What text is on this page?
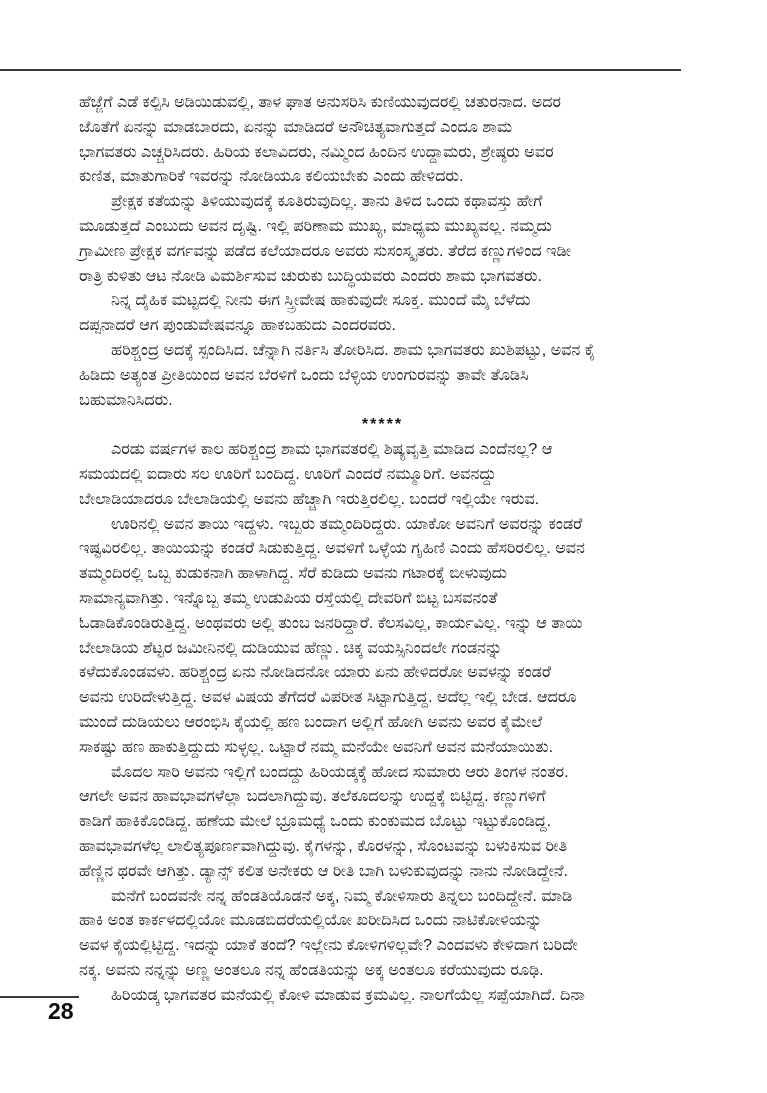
ಹೆಜ್ಜೆಗೆ ಎಡೆ ಕಲ್ಪಿಸಿ ಅಡಿಯಿಡುವಲ್ಲಿ, ತಾಳ ಘಾತ ಅನುಸರಿಸಿ ಕುಣಿಯುವುದರಲ್ಲಿ ಚತುರನಾದ. ಅದರ
ಜೊತೆಗೆ ಏನನ್ನು ಮಾಡಬಾರದು, ಏನನ್ನು ಮಾಡಿದರೆ ಅನೌಚಿತ್ಯವಾಗುತ್ತದೆ ಎಂದೂ ಶಾಮ
ಭಾಗವತರು ಎಚ್ಚರಿಸಿದರು. ಹಿರಿಯ ಕಲಾವಿದರು, ನಮ್ಮಿಂದ ಹಿಂದಿನ ಉದ್ದಾಮರು, ಶ್ರೇಷ್ಠರು ಅವರ
ಕುಣಿತ, ಮಾತುಗಾರಿಕೆ ಇವರನ್ನು ನೋಡಿಯೂ ಕಲಿಯಬೇಕು ಎಂದು ಹೇಳಿದರು.
ಪ್ರೇಕ್ಷಕ ಕತೆಯನ್ನು ತಿಳಿಯುವುದಕ್ಕೆ ಕೂತಿರುವುದಿಲ್ಲ. ತಾನು ತಿಳಿದ ಒಂದು ಕಥಾವಸ್ತು ಹೇಗೆ
ಮೂಡುತ್ತದೆ ಎಂಬುದು ಅವನ ದೃಷ್ಟಿ. ಇಲ್ಲಿ ಪರಿಣಾಮ ಮುಖ್ಯ, ಮಾಧ್ಯಮ ಮುಖ್ಯವಲ್ಲ. ನಮ್ಮದು
ಗ್ರಾಮೀಣ ಪ್ರೇಕ್ಷಕ ವರ್ಗವನ್ನು ಪಡೆದ ಕಲೆಯಾದರೂ ಅವರು ಸುಸಂಸ್ಕೃತರು. ತೆರೆದ ಕಣ್ಣುಗಳಿಂದ ಇಡೀ
ರಾತ್ರಿ ಕುಳಿತು ಆಟ ನೋಡಿ ವಿಮರ್ಶಿಸುವ ಚುರುಕು ಬುದ್ಧಿಯವರು ಎಂದರು ಶಾಮ ಭಾಗವತರು.
ನಿನ್ನ ದೈಹಿಕ ಮಟ್ಟದಲ್ಲಿ ನೀನು ಈಗ ಸ್ತ್ರೀವೇಷ ಹಾಕುವುದೇ ಸೂಕ್ತ. ಮುಂದೆ ಮೈ ಬೆಳೆದು
ದಪ್ಪನಾದರೆ ಆಗ ಪುಂಡುವೇಷವನ್ನೂ ಹಾಕಬಹುದು ಎಂದರವರು.
ಹರಿಶ್ಚಂದ್ರ ಅದಕ್ಕೆ ಸ್ಪಂದಿಸಿದ. ಚೆನ್ನಾಗಿ ನರ್ತಿಸಿ ತೋರಿಸಿದ. ಶಾಮ ಭಾಗವತರು ಖುಶಿಪಟ್ಟು, ಅವನ ಕೈ
ಹಿಡಿದು ಅತ್ಯಂತ ಪ್ರೀತಿಯಿಂದ ಅವನ ಬೆರಳಿಗೆ ಒಂದು ಬೆಳ್ಳಿಯ ಉಂಗುರವನ್ನು ತಾವೇ ತೊಡಿಸಿ
ಬಹುಮಾನಿಸಿದರು.
*****
ಎರಡು ವರ್ಷಗಳ ಕಾಲ ಹರಿಶ್ಚಂದ್ರ ಶಾಮ ಭಾಗವತರಲ್ಲಿ ಶಿಷ್ಯವೃತ್ತಿ ಮಾಡಿದ ಎಂದೆನಲ್ಲ? ಆ
ಸಮಯದಲ್ಲಿ ಐದಾರು ಸಲ ಊರಿಗೆ ಬಂದಿದ್ದ. ಊರಿಗೆ ಎಂದರೆ ನಮ್ಮೂರಿಗೆ. ಅವನದ್ದು
ಬೇಲಾಡಿಯಾದರೂ ಬೇಲಾಡಿಯಲ್ಲಿ ಅವನು ಹೆಚ್ಚಾಗಿ ಇರುತ್ತಿರಲಿಲ್ಲ. ಬಂದರೆ ಇಲ್ಲಿಯೇ ಇರುವ.
ಊರಿನಲ್ಲಿ ಅವನ ತಾಯಿ ಇದ್ದಳು. ಇಬ್ಬರು ತಮ್ಮಂದಿರಿದ್ದರು. ಯಾಕೋ ಅವನಿಗೆ ಅವರನ್ನು ಕಂಡರೆ
ಇಷ್ಟವಿರಲಿಲ್ಲ. ತಾಯಿಯನ್ನು ಕಂಡರೆ ಸಿಡುಕುತ್ತಿದ್ದ. ಅವಳಿಗೆ ಒಳ್ಳೆಯ ಗೃಹಿಣಿ ಎಂದು ಹೆಸರಿರಲಿಲ್ಲ. ಅವನ
ತಮ್ಮಂದಿರಲ್ಲಿ ಒಬ್ಬ ಕುಡುಕನಾಗಿ ಹಾಳಾಗಿದ್ದ. ಸೆರೆ ಕುಡಿದು ಅವನು ಗಟಾರಕ್ಕೆ ಬೀಳುವುದು
ಸಾಮಾನ್ಯವಾಗಿತ್ತು. ಇನ್ನೊಬ್ಬ ತಮ್ಮ ಉಡುಪಿಯ ರಸ್ತೆಯಲ್ಲಿ ದೇವರಿಗೆ ಬಿಟ್ಟ ಬಸವನಂತೆ
ಓಡಾಡಿಕೊಂಡಿರುತ್ತಿದ್ದ. ಅಂಥವರು ಅಲ್ಲಿ ತುಂಬ ಜನರಿದ್ದಾರೆ. ಕೆಲಸವಿಲ್ಲ, ಕಾರ್ಯವಿಲ್ಲ. ಇನ್ನು ಆ ತಾಯಿ
ಬೇಲಾಡಿಯ ಶೆಟ್ಟರ ಜಮೀನಿನಲ್ಲಿ ದುಡಿಯುವ ಹೆಣ್ಣು. ಚಿಕ್ಕ ವಯಸ್ಸಿನಿಂದಲೇ ಗಂಡನನ್ನು
ಕಳೆದುಕೊಂಡವಳು. ಹರಿಶ್ಚಂದ್ರ ಏನು ನೋಡಿದನೋ ಯಾರು ಏನು ಹೇಳಿದರೋ ಅವಳನ್ನು ಕಂಡರೆ
ಅವನು ಉರಿದೇಳುತ್ತಿದ್ದ. ಅವಳ ವಿಷಯ ತೆಗೆದರೆ ವಿಪರೀತ ಸಿಟ್ಟಾಗುತ್ತಿದ್ದ. ಅದೆಲ್ಲ ಇಲ್ಲಿ ಬೇಡ. ಆದರೂ
ಮುಂದೆ ದುಡಿಯಲು ಆರಂಭಿಸಿ ಕೈಯಲ್ಲಿ ಹಣ ಬಂದಾಗ ಅಲ್ಲಿಗೆ ಹೋಗಿ ಅವನು ಅವರ ಕೈಮೇಲೆ
ಸಾಕಷ್ಟು ಹಣ ಹಾಕುತ್ತಿದ್ದುದು ಸುಳ್ಳಲ್ಲ. ಒಟ್ಟಾರೆ ನಮ್ಮ ಮನೆಯೇ ಅವನಿಗೆ ಅವನ ಮನೆಯಾಯಿತು.
ಮೊದಲ ಸಾರಿ ಅವನು ಇಲ್ಲಿಗೆ ಬಂದದ್ದು ಹಿರಿಯಡ್ಕಕ್ಕೆ ಹೋದ ಸುಮಾರು ಆರು ತಿಂಗಳ ನಂತರ.
ಆಗಲೇ ಅವನ ಹಾವಭಾವಗಳೆಲ್ಲಾ ಬದಲಾಗಿದ್ದುವು. ತಲೆಕೂದಲನ್ನು ಉದ್ದಕ್ಕೆ ಬಿಟ್ಟಿದ್ದ. ಕಣ್ಣುಗಳಿಗೆ
ಕಾಡಿಗೆ ಹಾಕಿಕೊಂಡಿದ್ದ. ಹಣೆಯ ಮೇಲೆ ಭ್ರೂಮಧ್ಯೆ ಒಂದು ಕುಂಕುಮದ ಬೊಟ್ಟು ಇಟ್ಟುಕೊಂಡಿದ್ದ.
ಹಾವಭಾವಗಳೆಲ್ಲ ಲಾಲಿತ್ಯಪೂರ್ಣವಾಗಿದ್ದುವು. ಕೈಗಳನ್ನು, ಕೊರಳನ್ನು, ಸೊಂಟವನ್ನು ಬಳುಕಿಸುವ ರೀತಿ
ಹೆಣ್ಣಿನ ಥರವೇ ಆಗಿತ್ತು. ಡ್ಯಾನ್ಸ್ ಕಲಿತ ಅನೇಕರು ಆ ರೀತಿ ಬಾಗಿ ಬಳುಕುವುದನ್ನು ನಾನು ನೋಡಿದ್ದೇನೆ.
ಮನೆಗೆ ಬಂದವನೇ ನನ್ನ ಹೆಂಡತಿಯೊಡನೆ ಅಕ್ಕ, ನಿಮ್ಮ ಕೋಳಿಸಾರು ತಿನ್ನಲು ಬಂದಿದ್ದೇನೆ. ಮಾಡಿ
ಹಾಕಿ ಅಂತ ಕಾರ್ಕಳದಲ್ಲಿಯೋ ಮೂಡಬಿದರೆಯಲ್ಲಿಯೋ ಖರೀದಿಸಿದ ಒಂದು ನಾಟಿಕೋಳಿಯನ್ನು
ಅವಳ ಕೈಯಲ್ಲಿಟ್ಟಿದ್ದ. ಇದನ್ನು ಯಾಕೆ ತಂದೆ? ಇಲ್ಲೇನು ಕೋಳಿಗಳಿಲ್ಲವೇ? ಎಂದವಳು ಕೇಳಿದಾಗ ಬರಿದೇ
ನಕ್ಕ. ಅವನು ನನ್ನನ್ನು ಅಣ್ಣ ಅಂತಲೂ ನನ್ನ ಹೆಂಡತಿಯನ್ನು ಅಕ್ಕ ಅಂತಲೂ ಕರೆಯುವುದು ರೂಢಿ.
ಹಿರಿಯಡ್ಕ ಭಾಗವತರ ಮನೆಯಲ್ಲಿ ಕೋಳಿ ಮಾಡುವ ಕ್ರಮವಿಲ್ಲ. ನಾಲಗೆಯೆಲ್ಲ ಸಪ್ಪೆಯಾಗಿದೆ. ದಿನಾ
28
